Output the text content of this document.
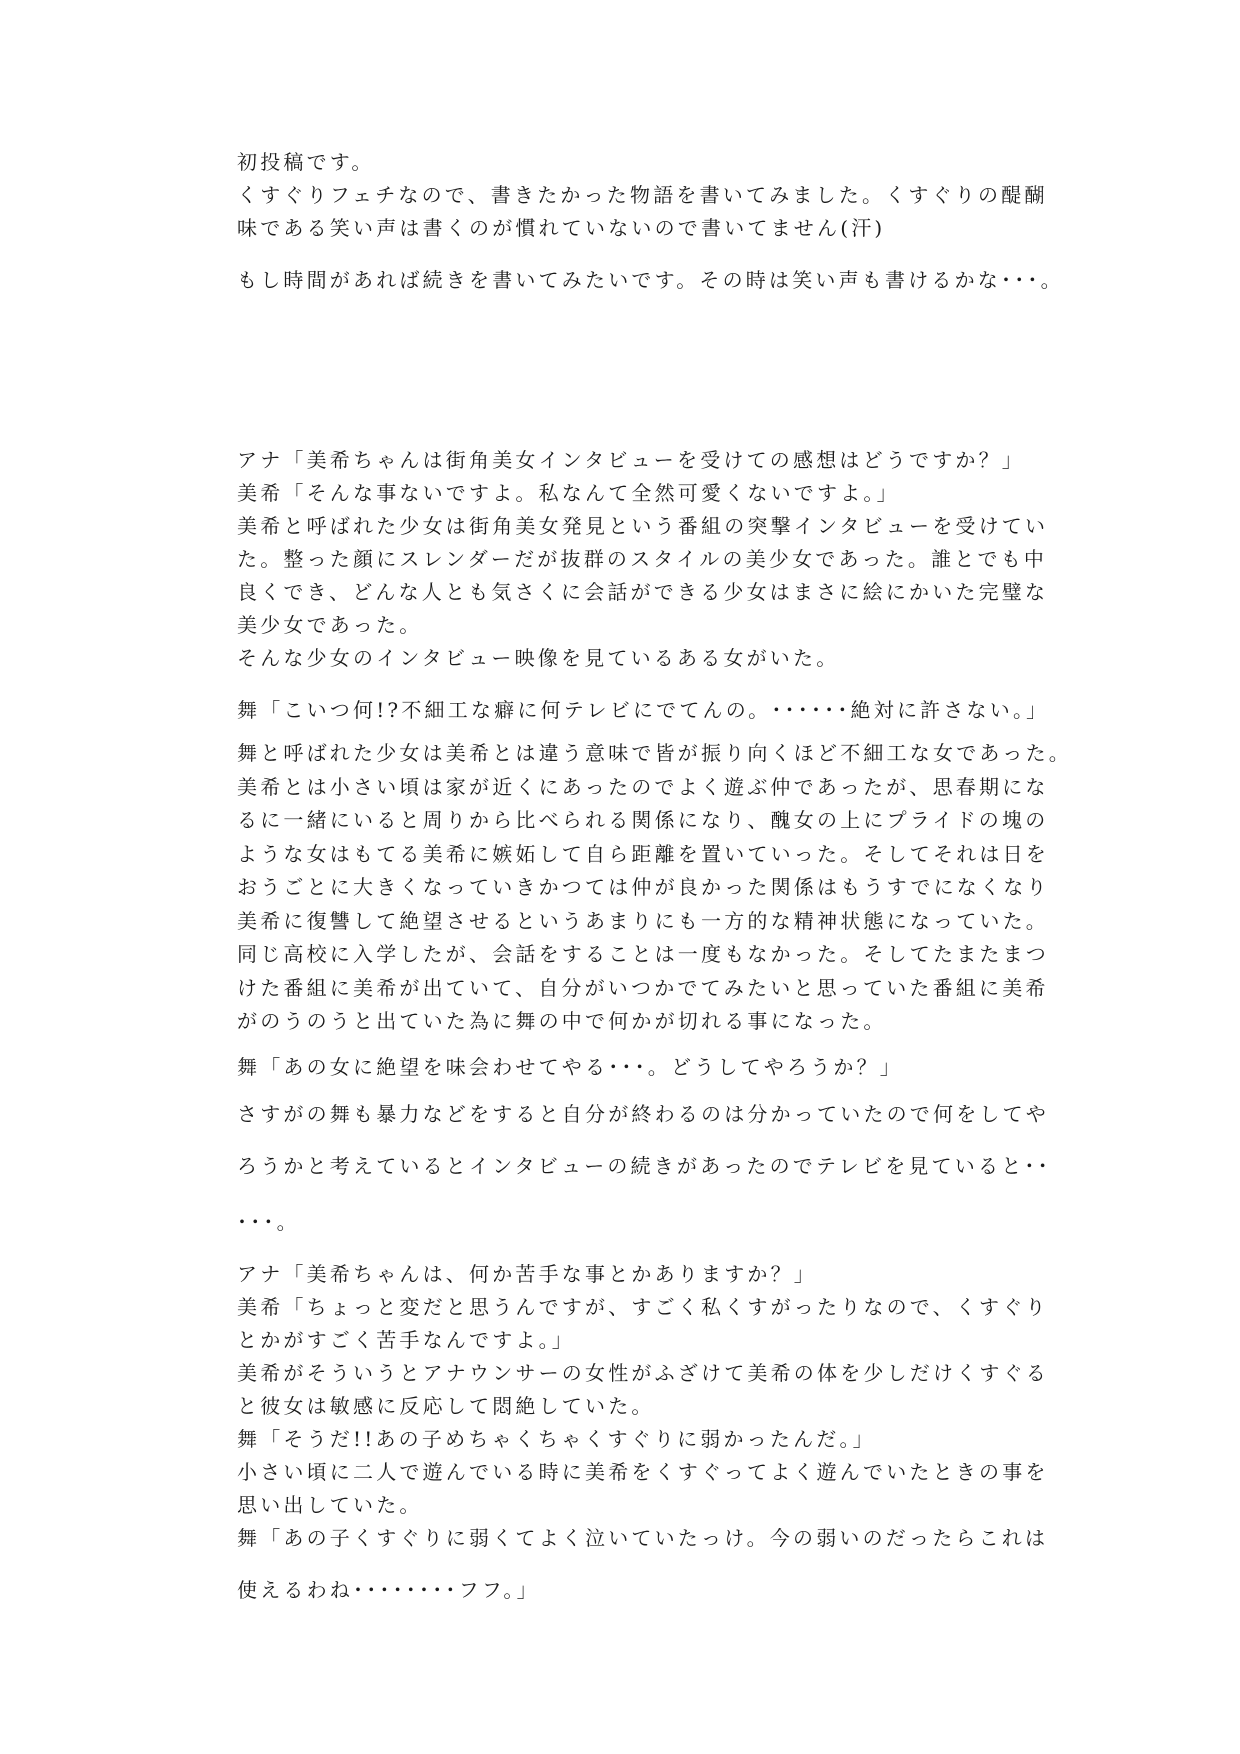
初投稿です。

くすぐりフェチなので、書きたかった物語を書いてみました。くすぐりの醍醐

味である笑い声は書くのが慣れていないので書いてません(汗)

もし時間があれば続きを書いてみたいです。その時は笑い声も書けるかな･･･。

アナ「美希ちゃんは街角美女インタビューを受けての感想はどうですか？」

美希「そんな事ないですよ。私なんて全然可愛くないですよ。」

美希と呼ばれた少女は街角美女発見という番組の突撃インタビューを受けてい

た。整った顔にスレンダーだが抜群のスタイルの美少女であった。誰とでも中

良くでき、どんな人とも気さくに会話ができる少女はまさに絵にかいた完璧な

美少女であった。

そんな少女のインタビュー映像を見ているある女がいた。

舞「こいつ何!?不細工な癖に何テレビにでてんの。･･････絶対に許さない。」

舞と呼ばれた少女は美希とは違う意味で皆が振り向くほど不細工な女であった。

美希とは小さい頃は家が近くにあったのでよく遊ぶ仲であったが、思春期にな

るに一緒にいると周りから比べられる関係になり、醜女の上にプライドの塊の

ような女はもてる美希に嫉妬して自ら距離を置いていった。そしてそれは日を

おうごとに大きくなっていきかつては仲が良かった関係はもうすでになくなり

美希に復讐して絶望させるというあまりにも一方的な精神状態になっていた。

同じ高校に入学したが、会話をすることは一度もなかった。そしてたまたまつ

けた番組に美希が出ていて、自分がいつかでてみたいと思っていた番組に美希

がのうのうと出ていた為に舞の中で何かが切れる事になった。

舞「あの女に絶望を味会わせてやる･･･。どうしてやろうか？」

さすがの舞も暴力などをすると自分が終わるのは分かっていたので何をしてや

ろうかと考えているとインタビューの続きがあったのでテレビを見ていると･･

･･･。

アナ「美希ちゃんは、何か苦手な事とかありますか？」

美希「ちょっと変だと思うんですが、すごく私くすがったりなので、くすぐり

とかがすごく苦手なんですよ。」

美希がそういうとアナウンサーの女性がふざけて美希の体を少しだけくすぐる

と彼女は敏感に反応して悶絶していた。

舞「そうだ!!あの子めちゃくちゃくすぐりに弱かったんだ。」

小さい頃に二人で遊んでいる時に美希をくすぐってよく遊んでいたときの事を

思い出していた。

舞「あの子くすぐりに弱くてよく泣いていたっけ。今の弱いのだったらこれは

使えるわね････････フフ。」
